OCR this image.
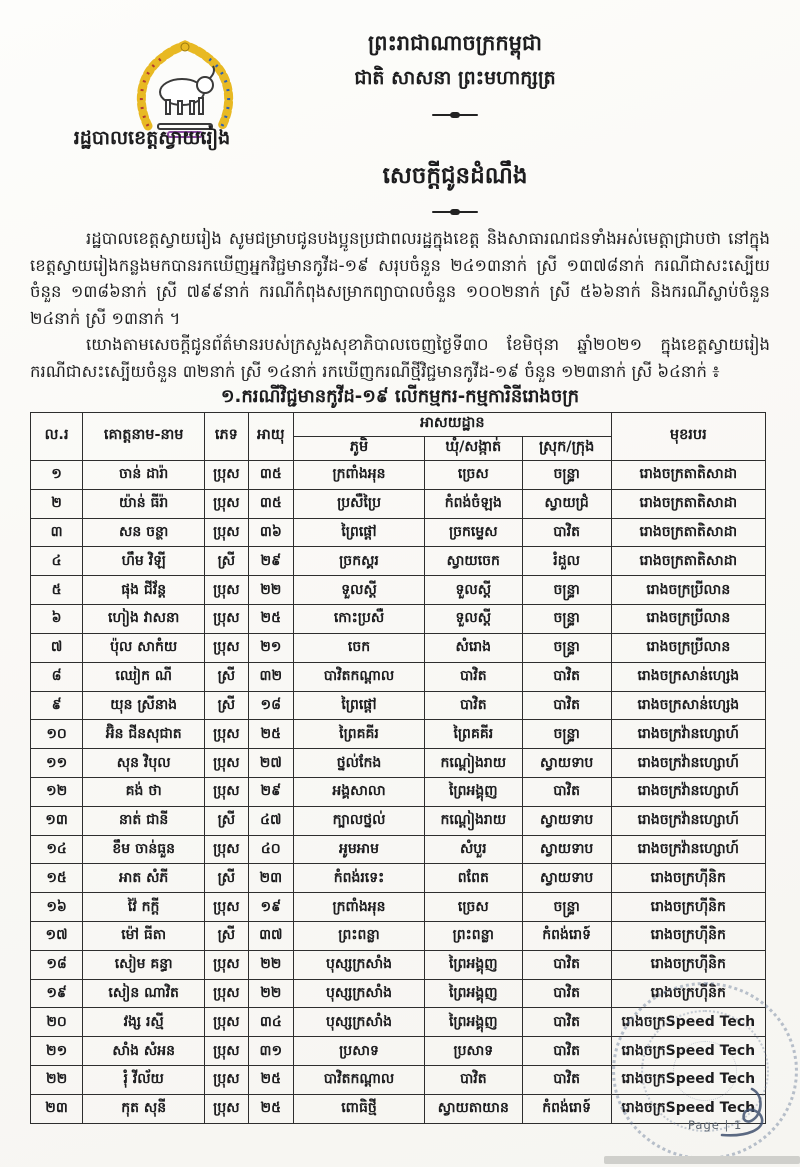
ព្រះរាជាណាចក្រកម្ពុជា
ជាតិ សាសនា ព្រះមហាក្សត្រ
រដ្ឋបាលខេត្តស្វាយរៀង
សេចក្តីជូនដំណឹង
រដ្ឋបាលខេត្តស្វាយរៀង សូមជម្រាបជូនបងប្អូនប្រជាពលរដ្ឋក្នុងខេត្ត និងសាធារណជនទាំងអស់មេត្តាជ្រាបថា នៅក្នុងខេត្តស្វាយរៀងកន្លងមកបានរកឃើញអ្នកវិជ្ជមានកូវីដ-១៩ សរុបចំនួន ២៤១៣នាក់ ស្រី ១៣៧៨នាក់ ករណីជាសះស្បើយចំនួន ១៣៨៦នាក់ ស្រី ៧៩៩នាក់ ករណីកំពុងសម្រាកព្យាបាលចំនួន ១០០២នាក់ ស្រី ៥៦៦នាក់ និងករណីស្លាប់ចំនួន ២៤នាក់ ស្រី ១៣នាក់ ។
យោងតាមសេចក្តីជូនព័ត៌មានរបស់ក្រសួងសុខាភិបាលចេញថ្ងៃទី៣០ ខែមិថុនា ឆ្នាំ២០២១ ក្នុងខេត្តស្វាយរៀង ករណីជាសះស្បើយចំនួន ៣២នាក់ ស្រី ១៤នាក់ រកឃើញករណីថ្មីវិជ្ជមានកូវីដ-១៩ ចំនួន ១២៣នាក់ ស្រី ៦៤នាក់ ៖
១.ករណីវិជ្ជមានកូវីដ-១៩ លើកម្មករ-កម្មការិនីរោងចក្រ
ល.រ	គោត្តនាម-នាម	ភេទ	អាយុ	អាសយដ្ឋាន			មុខរបរ
				ភូមិ	ឃុំ/សង្កាត់	ស្រុក/ក្រុង	
១	ចាន់ ដារ៉ា	ប្រុស	៣៥	ក្រពាំងអុន	ច្រេស	ចន្ទ្រា	រោងចក្រតាតិសាដា
២	យ៉ាន់ ធីរ៉ា	ប្រុស	៣៥	ប្រសឺប្រៃ	កំពង់ចំឡង	ស្វាយជ្រំ	រោងចក្រតាតិសាដា
៣	សន ចន្ថា	ប្រុស	៣៦	ព្រៃផ្តៅ	ច្រកម្ទេស	បាវិត	រោងចក្រតាតិសាដា
៤	ហឹម វិឡី	ស្រី	២៩	ច្រកស្គរ	ស្វាយចេក	រំដួល	រោងចក្រតាតិសាដា
៥	ផុង ជីវ័ន្ត	ប្រុស	២២	ទួលស្តី	ទួលស្តី	ចន្ទ្រា	រោងចក្រប្រីលាន
៦	ហៀង វាសនា	ប្រុស	២៥	កោះប្រសឺ	ទួលស្តី	ចន្ទ្រា	រោងចក្រប្រីលាន
៧	ប៉ុល សាកំយ	ប្រុស	២១	ចេក	សំរោង	ចន្ទ្រា	រោងចក្រប្រីលាន
៨	ឈៀក ណី	ស្រី	៣២	បាវិតកណ្តាល	បាវិត	បាវិត	រោងចក្រសាន់ហ្សេង
៩	យុន ស្រីនាង	ស្រី	១៨	ព្រៃផ្តៅ	បាវិត	បាវិត	រោងចក្រសាន់ហ្សេង
១០	អ៊ិន ជីនសុជាត	ប្រុស	២៥	ព្រៃគគីរ	ព្រៃគគីរ	ចន្ទ្រា	រោងចក្រវ៉ានហ្សោហ៍
១១	សុន វិបុល	ប្រុស	២៧	ថ្នល់កែង	កណ្តៀងរាយ	ស្វាយទាប	រោងចក្រវ៉ានហ្សោហ៍
១២	គង់ ថា	ប្រុស	២៩	អង្គសាលា	ព្រៃអង្គុញ	បាវិត	រោងចក្រវ៉ានហ្សោហ៍
១៣	នាត់ ជានី	ស្រី	៤៧	ក្បាលថ្នល់	កណ្តៀងរាយ	ស្វាយទាប	រោងចក្រវ៉ានហ្សោហ៍
១៤	ខឹម ចាន់ធួន	ប្រុស	៤០	អូមអាម	សំបួរ	ស្វាយទាប	រោងចក្រវ៉ានហ្សោហ៍
១៥	អាត សំភី	ស្រី	២៣	កំពង់រទេះ	ពពែត	ស្វាយទាប	រោងចក្រហ៊ីនិក
១៦	វ៉ៃ កក្តី	ប្រុស	១៩	ក្រពាំងអុន	ច្រេស	ចន្ទ្រា	រោងចក្រហ៊ីនិក
១៧	ម៉ៅ ធីតា	ស្រី	៣៧	ព្រះពន្លា	ព្រះពន្លា	កំពង់រោទ៍	រោងចក្រហ៊ីនិក
១៨	សៀម គន្ធា	ប្រុស	២២	បុស្សក្រសាំង	ព្រៃអង្គុញ	បាវិត	រោងចក្រហ៊ីនិក
១៩	សៀន ណាវិត	ប្រុស	២២	បុស្សក្រសាំង	ព្រៃអង្គុញ	បាវិត	រោងចក្រហ៊ីនិក
២០	វង្ស រស្មី	ប្រុស	៣៤	បុស្សក្រសាំង	ព្រៃអង្គុញ	បាវិត	រោងចក្រSpeed Tech
២១	សាំង សំអន	ប្រុស	៣១	ប្រសាទ	ប្រសាទ	បាវិត	រោងចក្រSpeed Tech
២២	រ៉ំ វីល័យ	ប្រុស	២៥	បាវិតកណ្តាល	បាវិត	បាវិត	រោងចក្រSpeed Tech
២៣	កុត សុនី	ប្រុស	២៥	ពោធិថ្មី	ស្វាយតាយាន	កំពង់រោទ៍	រោងចក្រSpeed Tech
Page | 1
